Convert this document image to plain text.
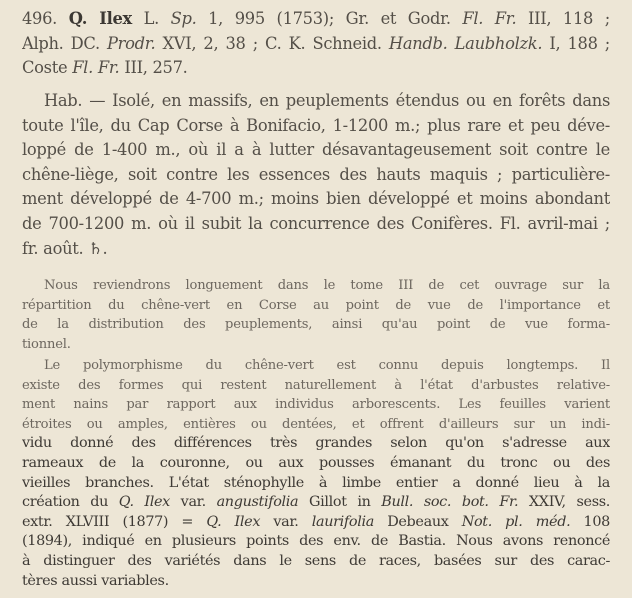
496. Q. Ilex L. Sp. 1, 995 (1753); Gr. et Godr. Fl. Fr. III, 118 ;
Alph. DC. Prodr. XVI, 2, 38 ; C. K. Schneid. Handb. Laubholzk. I, 188 ;
Coste Fl. Fr. III, 257.
Hab. — Isolé, en massifs, en peuplements étendus ou en forêts dans
toute l'île, du Cap Corse à Bonifacio, 1-1200 m.; plus rare et peu déve-
loppé de 1-400 m., où il a à lutter désavantageusement soit contre le
chêne-liège, soit contre les essences des hauts maquis ; particulière-
ment développé de 4-700 m.; moins bien développé et moins abondant
de 700-1200 m. où il subit la concurrence des Conifères. Fl. avril-mai ;
fr. août. ♄.
Nous reviendrons longuement dans le tome III de cet ouvrage sur la
répartition du chêne-vert en Corse au point de vue de l'importance et
de la distribution des peuplements, ainsi qu'au point de vue forma-
tionnel.
Le polymorphisme du chêne-vert est connu depuis longtemps. Il
existe des formes qui restent naturellement à l'état d'arbustes relative-
ment nains par rapport aux individus arborescents. Les feuilles varient
étroites ou amples, entières ou dentées, et offrent d'ailleurs sur un indi-
vidu donné des différences très grandes selon qu'on s'adresse aux
rameaux de la couronne, ou aux pousses émanant du tronc ou des
vieilles branches. L'état sténophylle à limbe entier a donné lieu à la
création du Q. Ilex var. angustifolia Gillot in Bull. soc. bot. Fr. XXIV, sess.
extr. XLVIII (1877) = Q. Ilex var. laurifolia Debeaux Not. pl. méd. 108
(1894), indiqué en plusieurs points des env. de Bastia. Nous avons renoncé
à distinguer des variétés dans le sens de races, basées sur des carac-
tères aussi variables.
